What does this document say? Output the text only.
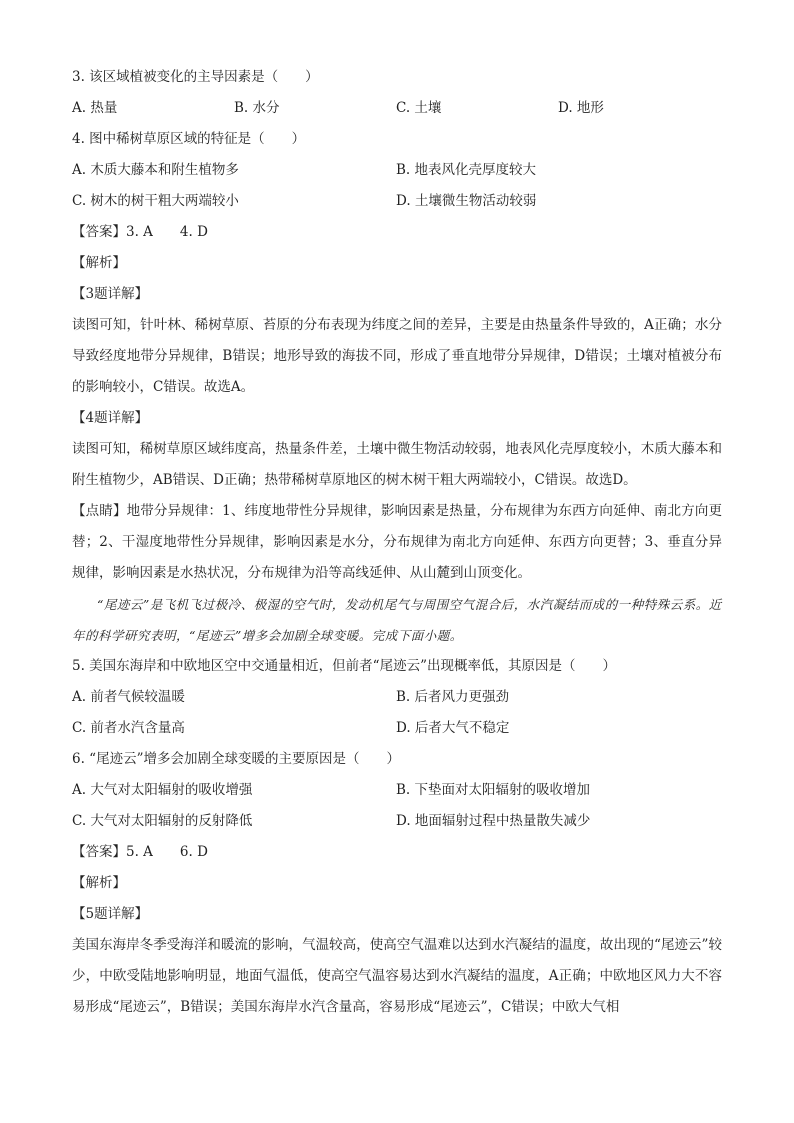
3. 该区域植被变化的主导因素是（　　）
A. 热量	B. 水分	C. 土壤	D. 地形
4. 图中稀树草原区域的特征是（　　）
A. 木质大藤本和附生植物多	B. 地表风化壳厚度较大
C. 树木的树干粗大两端较小	D. 土壤微生物活动较弱
【答案】3. A　　4. D
【解析】
【3题详解】

读图可知，针叶林、稀树草原、苔原的分布表现为纬度之间的差异，主要是由热量条件导致的，A正确；水分导致经度地带分异规律，B错误；地形导致的海拔不同，形成了垂直地带分异规律，D错误；土壤对植被分布的影响较小，C错误。故选A。

【4题详解】

读图可知，稀树草原区域纬度高，热量条件差，土壤中微生物活动较弱，地表风化壳厚度较小，木质大藤本和附生植物少，AB错误、D正确；热带稀树草原地区的树木树干粗大两端较小，C错误。故选D。

【点睛】地带分异规律：1、纬度地带性分异规律，影响因素是热量，分布规律为东西方向延伸、南北方向更替；2、干湿度地带性分异规律，影响因素是水分，分布规律为南北方向延伸、东西方向更替；3、垂直分异规律，影响因素是水热状况，分布规律为沿等高线延伸、从山麓到山顶变化。

“尾迹云”是飞机飞过极冷、极湿的空气时，发动机尾气与周围空气混合后，水汽凝结而成的一种特殊云系。近年的科学研究表明，“尾迹云”增多会加剧全球变暖。完成下面小题。

5. 美国东海岸和中欧地区空中交通量相近，但前者“尾迹云”出现概率低，其原因是（　　）
A. 前者气候较温暖	B. 后者风力更强劲
C. 前者水汽含量高	D. 后者大气不稳定
6. “尾迹云”增多会加剧全球变暖的主要原因是（　　）
A. 大气对太阳辐射的吸收增强	B. 下垫面对太阳辐射的吸收增加
C. 大气对太阳辐射的反射降低	D. 地面辐射过程中热量散失减少
【答案】5. A　　6. D
【解析】
【5题详解】

美国东海岸冬季受海洋和暖流的影响，气温较高，使高空气温难以达到水汽凝结的温度，故出现的“尾迹云”较少，中欧受陆地影响明显，地面气温低，使高空气温容易达到水汽凝结的温度，A正确；中欧地区风力大不容易形成“尾迹云”，B错误；美国东海岸水汽含量高，容易形成“尾迹云”，C错误；中欧大气相
